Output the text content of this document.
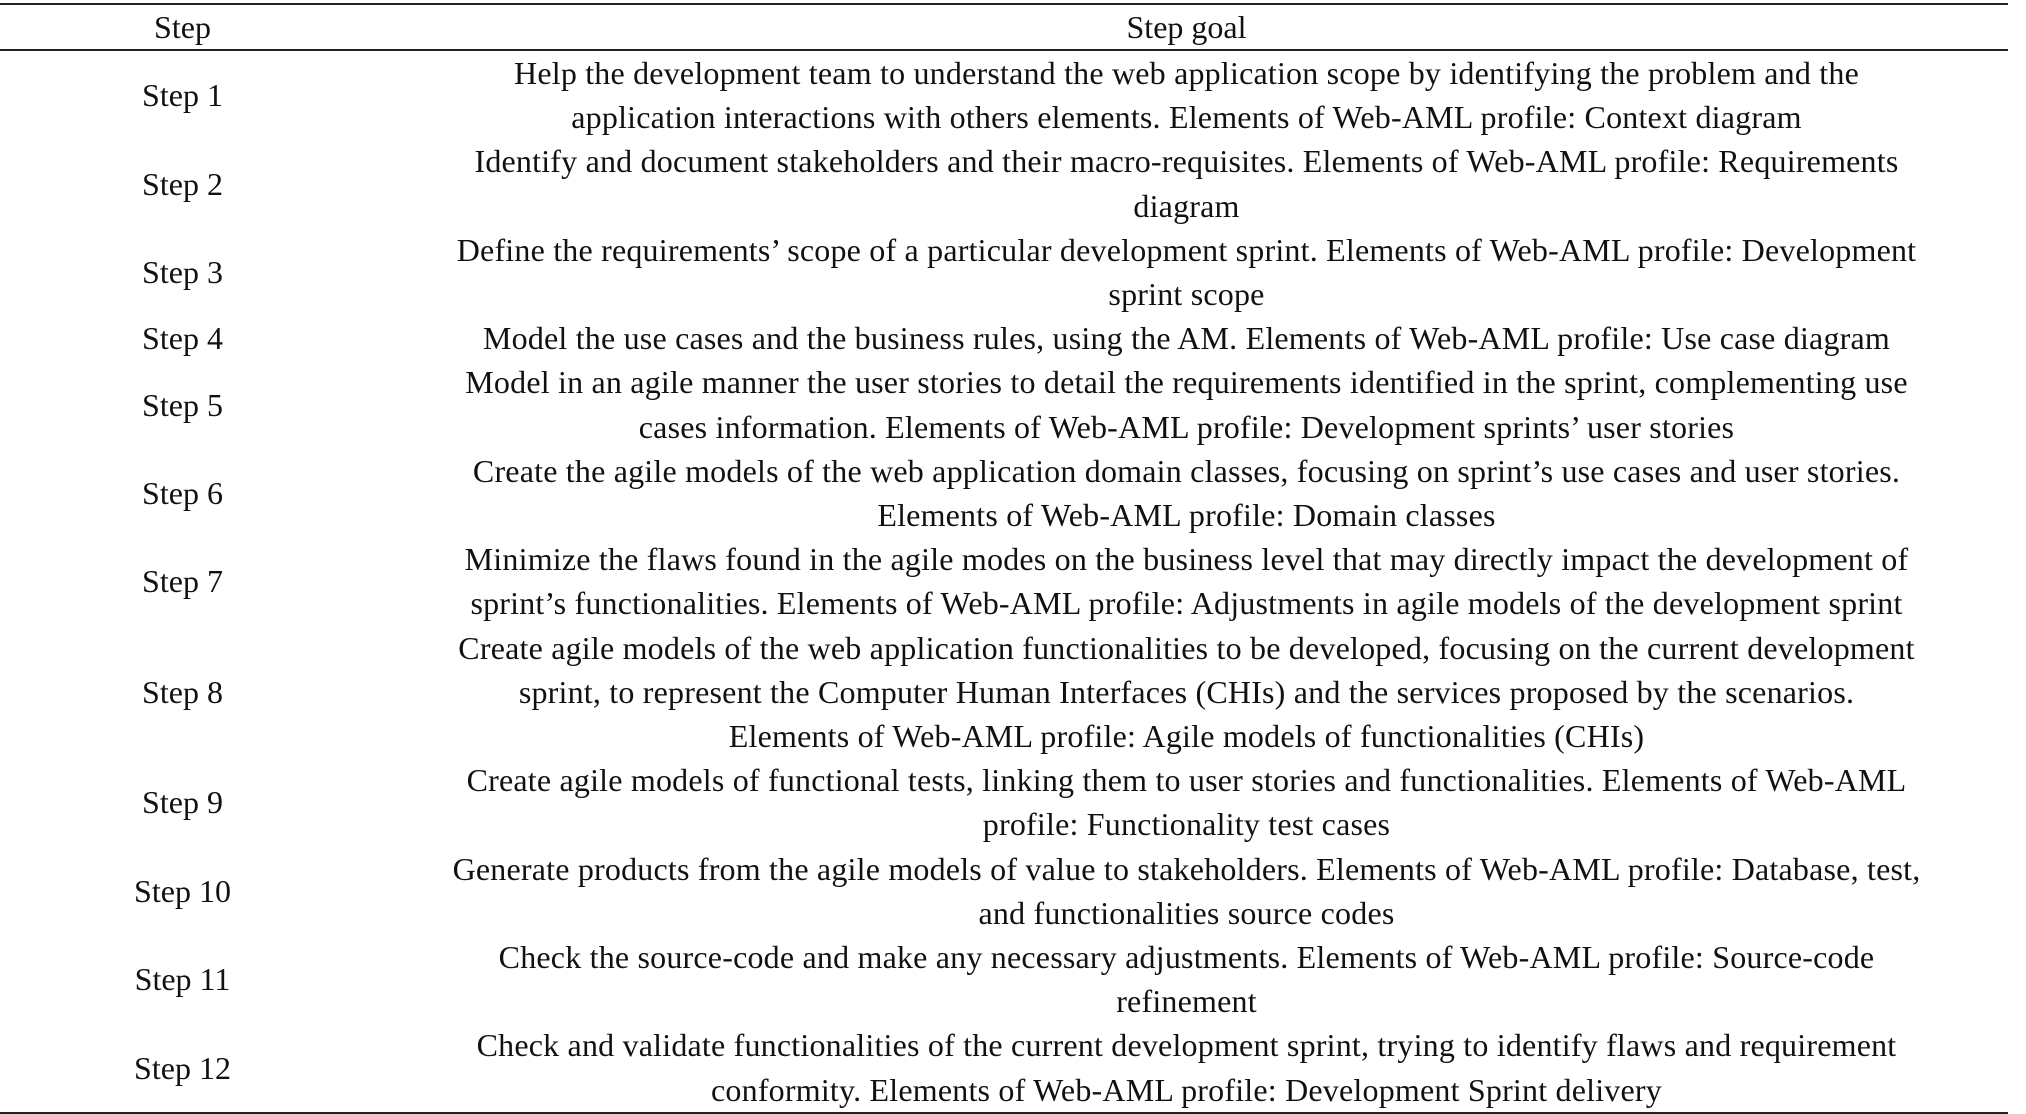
Step	Step goal
Step 1
Help the development team to understand the web application scope by identifying the problem and the
application interactions with others elements. Elements of Web-AML profile: Context diagram
Step 2
Identify and document stakeholders and their macro-requisites. Elements of Web-AML profile: Requirements
diagram
Step 3
Define the requirements’ scope of a particular development sprint. Elements of Web-AML profile: Development
sprint scope
Step 4	Model the use cases and the business rules, using the AM. Elements of Web-AML profile: Use case diagram
Step 5
Model in an agile manner the user stories to detail the requirements identified in the sprint, complementing use
cases information. Elements of Web-AML profile: Development sprints’ user stories
Step 6
Create the agile models of the web application domain classes, focusing on sprint’s use cases and user stories.
Elements of Web-AML profile: Domain classes
Step 7
Minimize the flaws found in the agile modes on the business level that may directly impact the development of
sprint’s functionalities. Elements of Web-AML profile: Adjustments in agile models of the development sprint
Step 8
Create agile models of the web application functionalities to be developed, focusing on the current development
sprint, to represent the Computer Human Interfaces (CHIs) and the services proposed by the scenarios.
Elements of Web-AML profile: Agile models of functionalities (CHIs)
Step 9
Create agile models of functional tests, linking them to user stories and functionalities. Elements of Web-AML
profile: Functionality test cases
Step 10
Generate products from the agile models of value to stakeholders. Elements of Web-AML profile: Database, test,
and functionalities source codes
Step 11
Check the source-code and make any necessary adjustments. Elements of Web-AML profile: Source-code
refinement
Step 12
Check and validate functionalities of the current development sprint, trying to identify flaws and requirement
conformity. Elements of Web-AML profile: Development Sprint delivery
